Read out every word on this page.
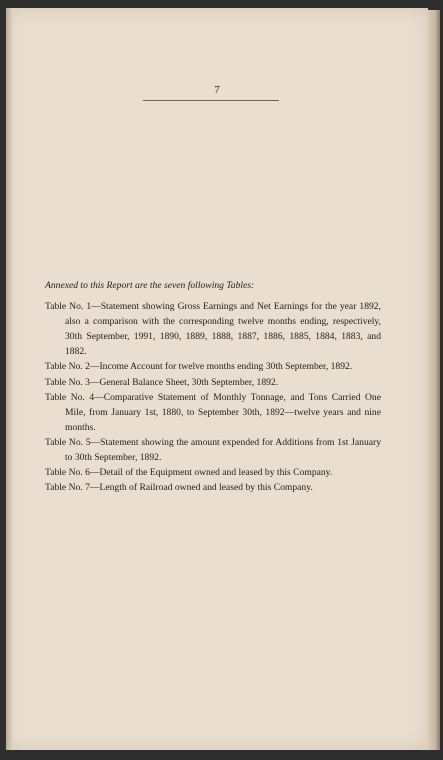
7

Annexed to this Report are the seven following Tables:

Table No. 1—Statement showing Gross Earnings and Net Earnings for the year 1892, also a comparison with the corresponding twelve months ending, respectively, 30th September, 1991, 1890, 1889, 1888, 1887, 1886, 1885, 1884, 1883, and 1882.
Table No. 2—Income Account for twelve months ending 30th September, 1892.
Table No. 3—General Balance Sheet, 30th September, 1892.
Table No. 4—Comparative Statement of Monthly Tonnage, and Tons Carried One Mile, from January 1st, 1880, to September 30th, 1892—twelve years and nine months.
Table No. 5—Statement showing the amount expended for Additions from 1st January to 30th September, 1892.
Table No. 6—Detail of the Equipment owned and leased by this Company.
Table No. 7—Length of Railroad owned and leased by this Company.
